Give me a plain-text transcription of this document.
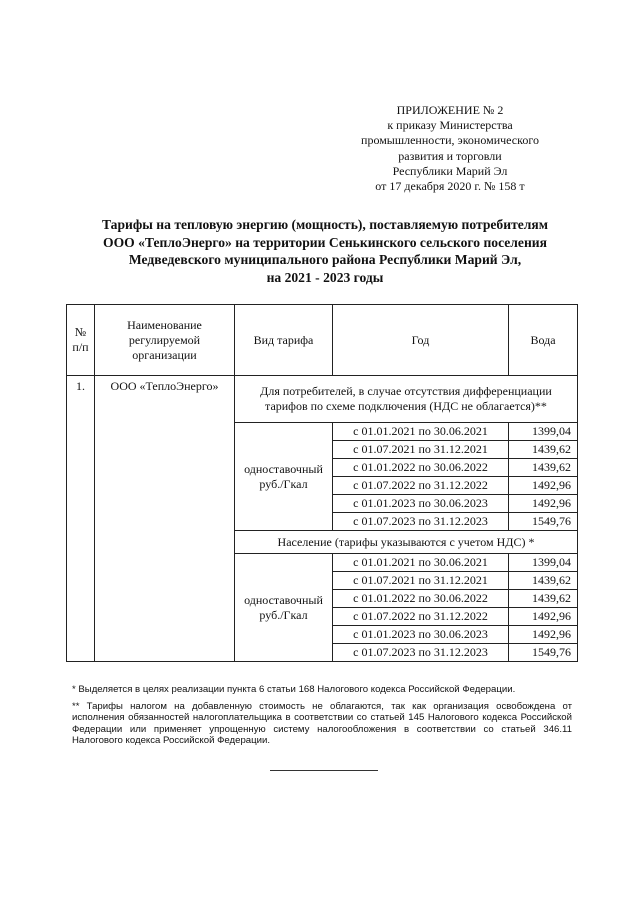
ПРИЛОЖЕНИЕ № 2
к приказу Министерства
промышленности, экономического
развития и торговли
Республики Марий Эл
от 17 декабря 2020 г. № 158 т
Тарифы на тепловую энергию (мощность), поставляемую потребителям
ООО «ТеплоЭнерго» на территории Сенькинского сельского поселения
Медведевского муниципального района Республики Марий Эл,
на 2021 - 2023 годы
№ п/п	Наименование регулируемой организации	Вид тарифа	Год	Вода
1.	ООО «ТеплоЭнерго»	Для потребителей, в случае отсутствия дифференциации тарифов по схеме подключения (НДС не облагается)**		
		одноставочный руб./Гкал	с 01.01.2021 по 30.06.2021	1399,04
			с 01.07.2021 по 31.12.2021	1439,62
			с 01.01.2022 по 30.06.2022	1439,62
			с 01.07.2022 по 31.12.2022	1492,96
			с 01.01.2023 по 30.06.2023	1492,96
			с 01.07.2023 по 31.12.2023	1549,76
		Население (тарифы указываются с учетом НДС) *		
		одноставочный руб./Гкал	с 01.01.2021 по 30.06.2021	1399,04
			с 01.07.2021 по 31.12.2021	1439,62
			с 01.01.2022 по 30.06.2022	1439,62
			с 01.07.2022 по 31.12.2022	1492,96
			с 01.01.2023 по 30.06.2023	1492,96
			с 01.07.2023 по 31.12.2023	1549,76

* Выделяется в целях реализации пункта 6 статьи 168 Налогового кодекса Российской Федерации.

** Тарифы налогом на добавленную стоимость не облагаются, так как организация освобождена от исполнения обязанностей налогоплательщика в соответствии со статьей 145 Налогового кодекса Российской Федерации или применяет упрощенную систему налогообложения в соответствии со статьей 346.11 Налогового кодекса Российской Федерации.
